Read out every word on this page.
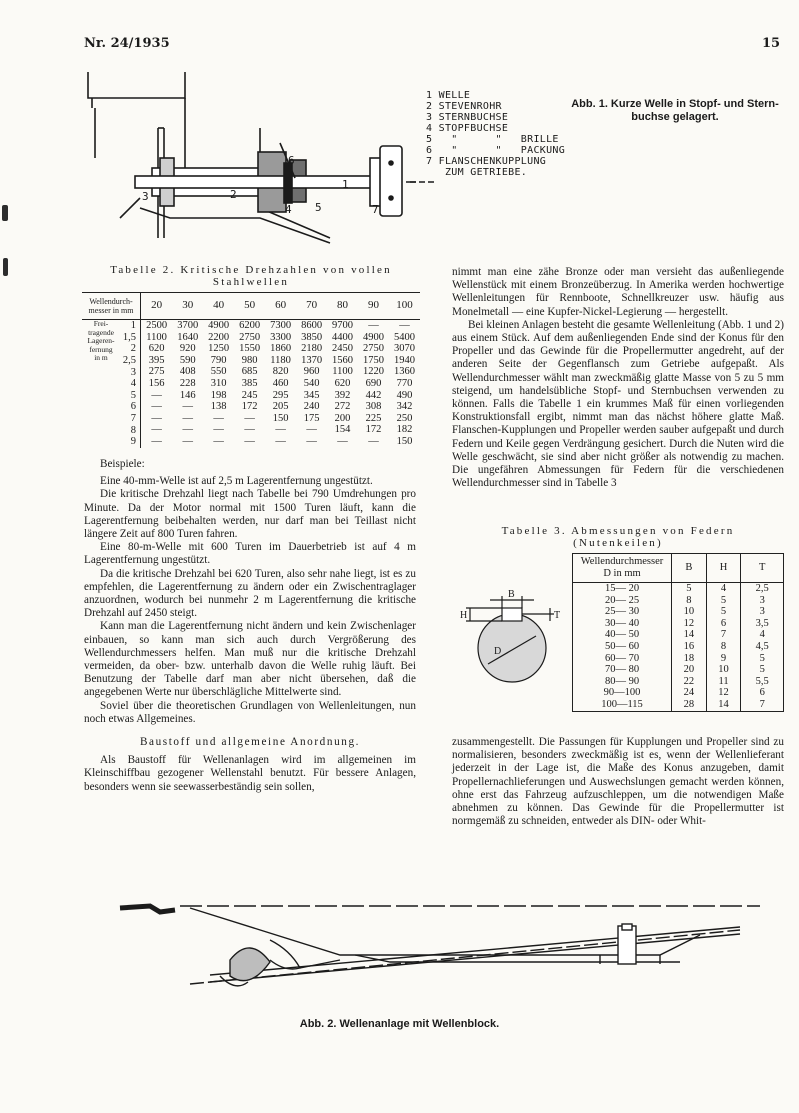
Nr. 24/1935	15
6
3	2
1
4 5	7
1 WELLE
2 STEVENROHR
3 STERNBUCHSE
4 STOPFBUCHSE
5   "      "   BRILLE
6   "      "   PACKUNG
7 FLANSCHENKUPPLUNG
ZUM GETRIEBE.
Abb. 1. Kurze Welle in Stopf- und Stern-
buchse gelagert.
Tabelle 2. Kritische Drehzahlen von vollen Stahlwellen
Wellendurch-
messer in mm	20	30	40	50	60	70	80	90	100
1	2500	3700	4900	6200	7300	8600	9700	—	—
1,5	1100	1640	2200	2750	3300	3850	4400	4900	5400
2	620	920	1250	1550	1860	2180	2450	2750	3070
2,5	395	590	790	980	1180	1370	1560	1750	1940
3	275	408	550	685	820	960	1100	1220	1360
4	156	228	310	385	460	540	620	690	770
5	—	146	198	245	295	345	392	442	490
6	—	—	138	172	205	240	272	308	342
7	—	—	—	—	150	175	200	225	250
8	—	—	—	—	—	—	154	172	182
9	—	—	—	—	—	—	—	—	150
Frei-
tragende
Lageren- fernung
in m

Beispiele:

Eine 40-mm-Welle ist auf 2,5 m Lagerentfernung ungestützt.

Die kritische Drehzahl liegt nach Tabelle bei 790 Umdrehungen pro Minute. Da der Motor normal mit 1500 Turen läuft, kann die Lagerentfernung beibehalten werden, nur darf man bei Teillast nicht längere Zeit auf 800 Turen fahren.

Eine 80-m-Welle mit 600 Turen im Dauerbetrieb ist auf 4 m Lagerentfernung ungestützt.

Da die kritische Drehzahl bei 620 Turen, also sehr nahe liegt, ist es zu empfehlen, die Lagerentfernung zu ändern oder ein Zwischentraglager anzuordnen, wodurch bei nunmehr 2 m Lagerentfernung die kritische Drehzahl auf 2450 steigt.

Kann man die Lagerentfernung nicht ändern und kein Zwischenlager einbauen, so kann man sich auch durch Vergrößerung des Wellendurchmessers helfen. Man muß nur die kritische Drehzahl vermeiden, da ober- bzw. unterhalb davon die Welle ruhig läuft. Bei Benutzung der Tabelle darf man aber nicht übersehen, daß die angegebenen Werte nur überschlägliche Mittelwerte sind.

Soviel über die theoretischen Grundlagen von Wellenleitungen, nun noch etwas Allgemeines.

Baustoff und allgemeine Anordnung.

Als Baustoff für Wellenanlagen wird im allgemeinen im Kleinschiffbau gezogener Wellenstahl benutzt. Für bessere Anlagen, besonders wenn sie seewasserbeständig sein sollen,

nimmt man eine zähe Bronze oder man versieht das außenliegende Wellenstück mit einem Bronzeüberzug. In Amerika werden hochwertige Wellenleitungen für Rennboote, Schnellkreuzer usw. häufig aus Monelmetall — eine Kupfer-Nickel-Legierung — hergestellt.

Bei kleinen Anlagen besteht die gesamte Wellenleitung (Abb. 1 und 2) aus einem Stück. Auf dem außenliegenden Ende sind der Konus für den Propeller und das Gewinde für die Propellermutter angedreht, auf der anderen Seite der Gegenflansch zum Getriebe aufgepaßt. Als Wellendurchmesser wählt man zweckmäßig glatte Masse von 5 zu 5 mm steigend, um handelsübliche Stopf- und Sternbuchsen verwenden zu können. Falls die Tabelle 1 ein krummes Maß für einen vorliegenden Konstruktionsfall ergibt, nimmt man das nächst höhere glatte Maß. Flanschen-Kupplungen und Propeller werden sauber aufgepaßt und durch Federn und Keile gegen Verdrängung gesichert. Durch die Nuten wird die Welle geschwächt, sie sind aber nicht größer als notwendig zu machen. Die ungefähren Abmessungen für Federn für die verschiedenen Wellendurchmesser sind in Tabelle 3

Tabelle 3. Abmessungen von Federn
(Nutenkeilen)
B
H	T
D
Wellendurchmesser
D in mm	B	H	T
15— 20	5	4	2,5
20— 25	8	5	3
25— 30	10	5	3
30— 40	12	6	3,5
40— 50	14	7	4
50— 60	16	8	4,5
60— 70	18	9	5
70— 80	20	10	5
80— 90	22	11	5,5
90—100	24	12	6
100—115	28	14	7

zusammengestellt. Die Passungen für Kupplungen und Propeller sind zu normalisieren, besonders zweckmäßig ist es, wenn der Wellenlieferant jederzeit in der Lage ist, die Maße des Konus anzugeben, damit Propellernachlieferungen und Auswechslungen gemacht werden können, ohne erst das Fahrzeug aufzuschleppen, um die notwendigen Maße abnehmen zu können. Das Gewinde für die Propellermutter ist normgemäß zu schneiden, entweder als DIN- oder Whit-

Abb. 2. Wellenanlage mit Wellenblock.
